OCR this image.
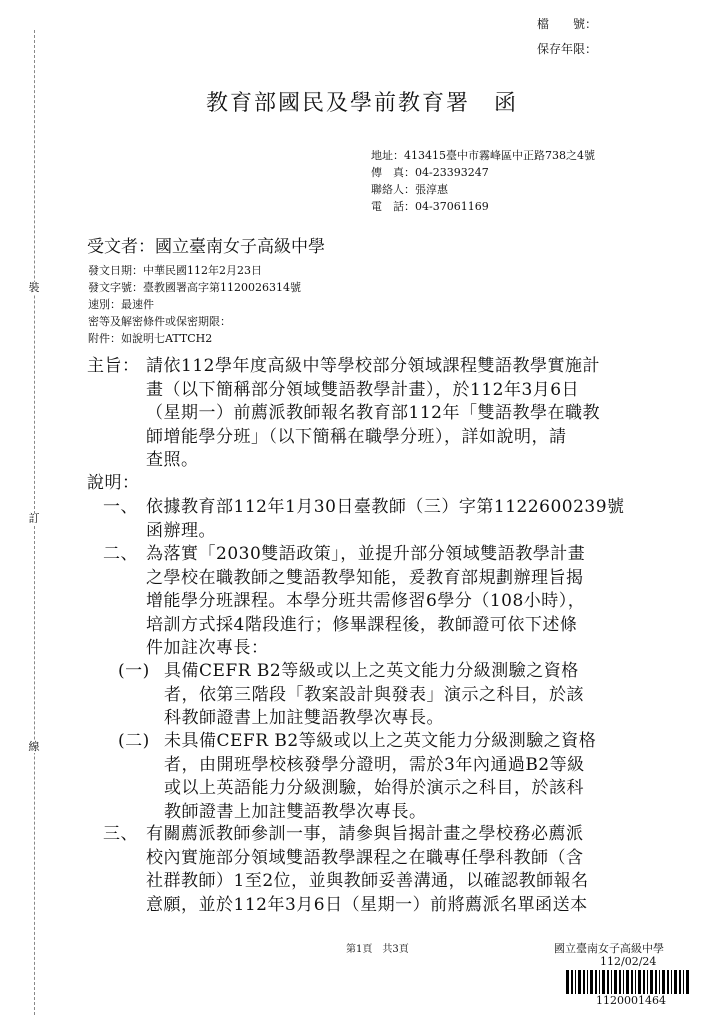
裝
訂
線
檔　　號：
保存年限：
教育部國民及學前教育署　函
地址：413415臺中市霧峰區中正路738之4號
傳　真：04-23393247
聯絡人：張淳惠
電　話：04-37061169
受文者：國立臺南女子高級中學
發文日期：中華民國112年2月23日
發文字號：臺教國署高字第1120026314號
速別：最速件
密等及解密條件或保密期限：
附件：如說明七ATTCH2
主旨： 請依112學年度高級中等學校部分領域課程雙語教學實施計
畫（以下簡稱部分領域雙語教學計畫），於112年3月6日
（星期一）前薦派教師報名教育部112年「雙語教學在職教
師增能學分班」（以下簡稱在職學分班），詳如說明，請
查照。
說明：
一、 依據教育部112年1月30日臺教師（三）字第1122600239號
函辦理。
二、 為落實「2030雙語政策」，並提升部分領域雙語教學計畫
之學校在職教師之雙語教學知能，爰教育部規劃辦理旨揭
增能學分班課程。本學分班共需修習6學分（108小時），
培訓方式採4階段進行；修畢課程後，教師證可依下述條
件加註次專長：
(一) 具備CEFR B2等級或以上之英文能力分級測驗之資格
者，依第三階段「教案設計與發表」演示之科目，於該
科教師證書上加註雙語教學次專長。
(二) 未具備CEFR B2等級或以上之英文能力分級測驗之資格
者，由開班學校核發學分證明，需於3年內通過B2等級
或以上英語能力分級測驗，始得於演示之科目，於該科
教師證書上加註雙語教學次專長。
三、 有關薦派教師參訓一事，請參與旨揭計畫之學校務必薦派
校內實施部分領域雙語教學課程之在職專任學科教師（含
社群教師）1至2位，並與教師妥善溝通，以確認教師報名
意願，並於112年3月6日（星期一）前將薦派名單函送本
第1頁　共3頁	國立臺南女子高級中學
112/02/24
1120001464
